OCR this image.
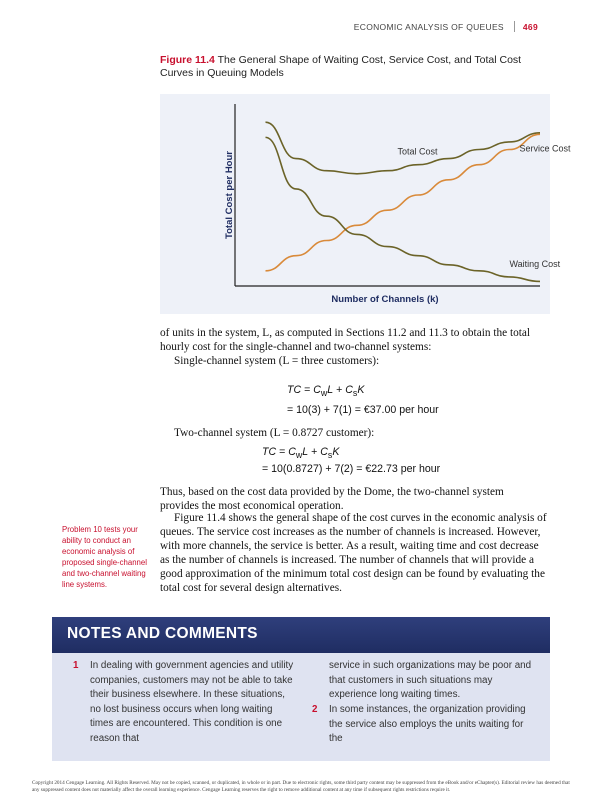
ECONOMIC ANALYSIS OF QUEUES 469
Figure 11.4 The General Shape of Waiting Cost, Service Cost, and Total Cost Curves in Queuing Models
Number of Channels (k)
Total Cost per Hour	Total Cost	Service Cost
Waiting Cost
of units in the system, L, as computed in Sections 11.2 and 11.3 to obtain the total
hourly cost for the single-channel and two-channel systems:
Single-channel system (L = three customers):
TC = $C_wL + C_sK$
= 10(3) + 7(1) = €37.00 per hour
Two-channel system (L = 0.8727 customer):
TC = $C_wL + C_sK$
= 10(0.8727) + 7(2) = €22.73 per hour
Thus, based on the cost data provided by the Dome, the two-channel system
provides the most economical operation.
Figure 11.4 shows the general shape of the cost curves in the economic analysis of
queues. The service cost increases as the number of channels is increased. However,
with more channels, the service is better. As a result, waiting time and cost decrease
as the number of channels is increased. The number of channels that will provide a
good approximation of the minimum total cost design can be found by evaluating the
total cost for several design alternatives.
Problem 10 tests your ability to conduct an economic analysis of proposed single-channel and two-channel waiting line systems.
NOTES AND COMMENTS
1 In dealing with government agencies and utility companies, customers may not be able to take their business elsewhere. In these situations, no lost business occurs when long waiting times are encountered. This condition is one reason that
service in such organizations may be poor and that customers in such situations may experience long waiting times.
2 In some instances, the organization providing the service also employs the units waiting for the
Copyright 2014 Cengage Learning. All Rights Reserved. May not be copied, scanned, or duplicated, in whole or in part. Due to electronic rights, some third party content may be suppressed from the eBook and/or eChapter(s). Editorial review has deemed that any suppressed content does not materially affect the overall learning experience. Cengage Learning reserves the right to remove additional content at any time if subsequent rights restrictions require it.
